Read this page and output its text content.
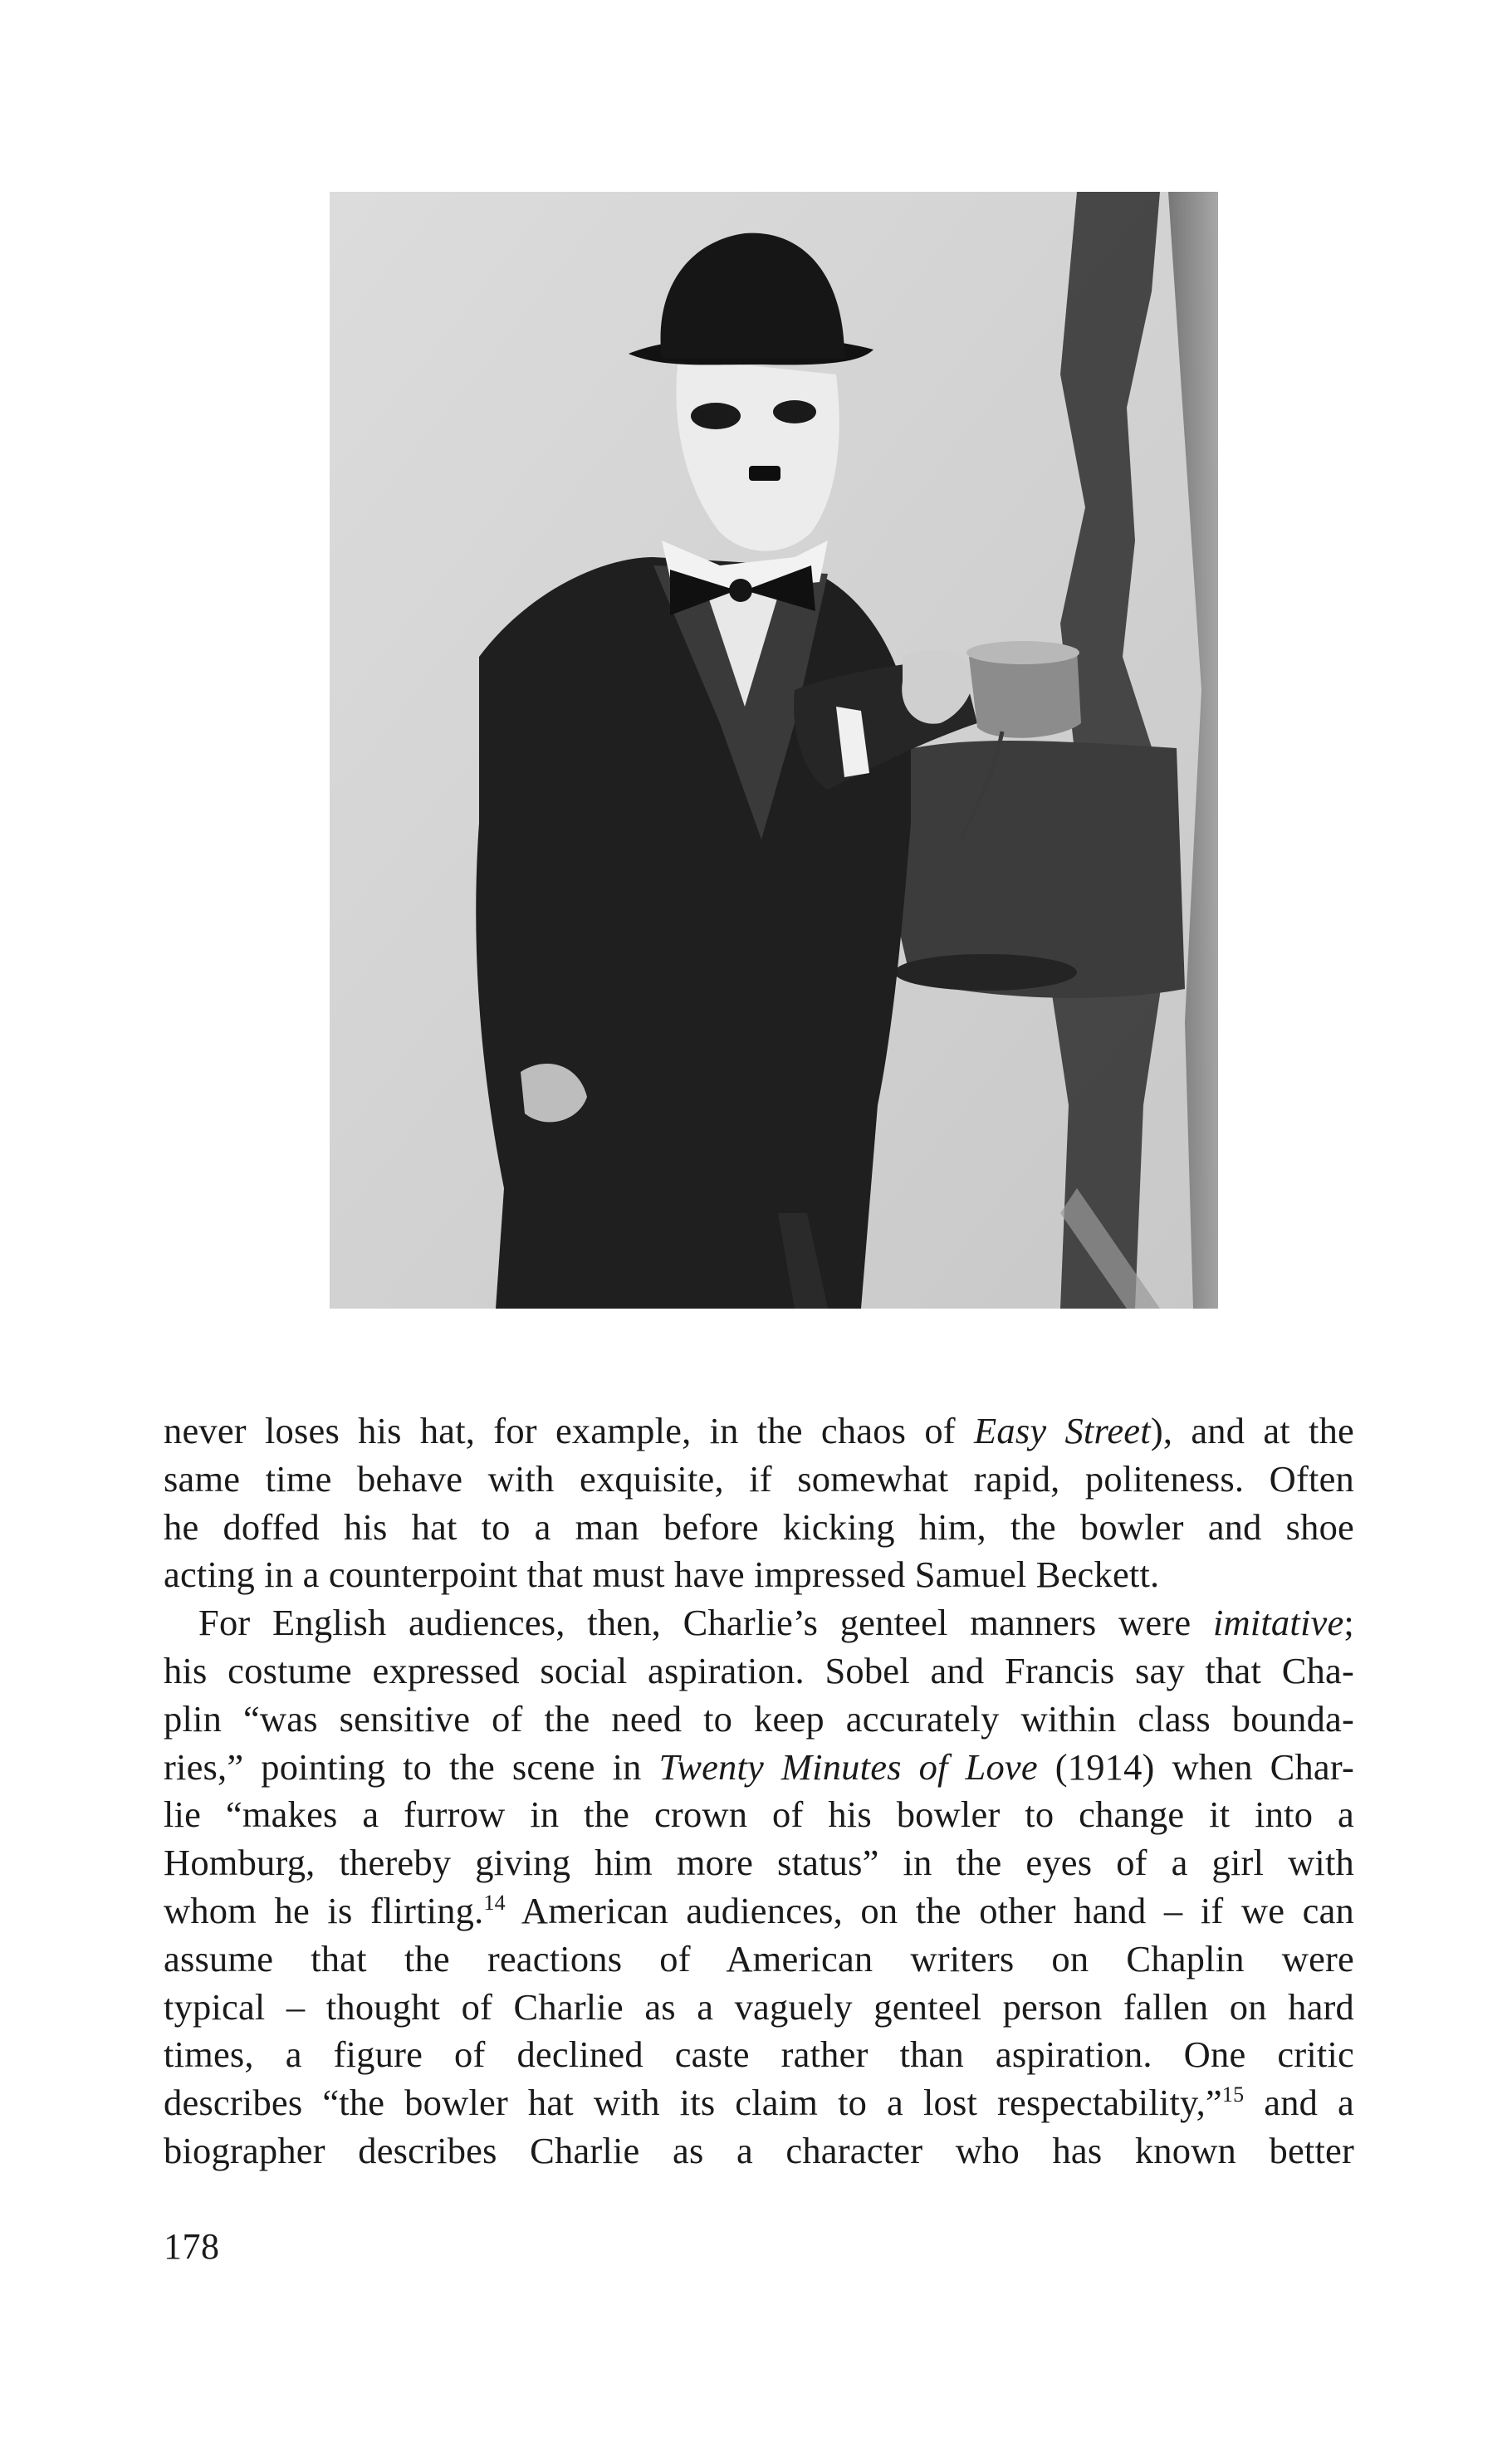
never loses his hat, for example, in the chaos of Easy Street), and at the
same time behave with exquisite, if somewhat rapid, politeness. Often
he doffed his hat to a man before kicking him, the bowler and shoe
acting in a counterpoint that must have impressed Samuel Beckett.
For English audiences, then, Charlie’s genteel manners were imitative;
his costume expressed social aspiration. Sobel and Francis say that Cha-
plin “was sensitive of the need to keep accurately within class bounda-
ries,” pointing to the scene in Twenty Minutes of Love (1914) when Char-
lie “makes a furrow in the crown of his bowler to change it into a
Homburg, thereby giving him more status” in the eyes of a girl with
whom he is flirting.$^{14}$ American audiences, on the other hand – if we can
assume that the reactions of American writers on Chaplin were
typical – thought of Charlie as a vaguely genteel person fallen on hard
times, a figure of declined caste rather than aspiration. One critic
describes “the bowler hat with its claim to a lost respectability,”$^{15}$ and a
biographer describes Charlie as a character who has known better
178
